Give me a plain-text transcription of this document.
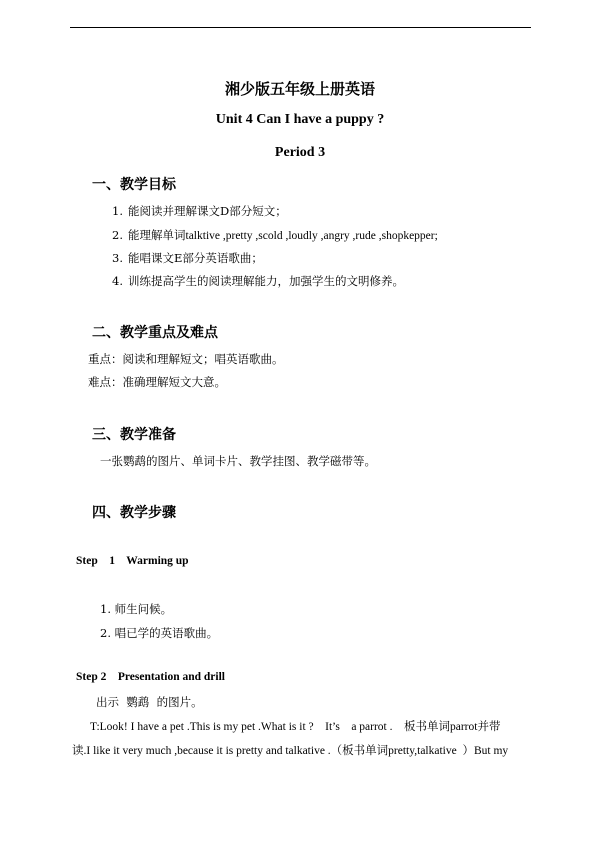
湘少版五年级上册英语
Unit 4 Can I have a puppy ?
Period 3
一、教学目标
1. 能阅读并理解课文D部分短文；
2. 能理解单词talktive ,pretty ,scold ,loudly ,angry ,rude ,shopkepper;
3. 能唱课文E部分英语歌曲；
4. 训练提高学生的阅读理解能力，加强学生的文明修养。
二、教学重点及难点
重点：阅读和理解短文；唱英语歌曲。
难点：准确理解短文大意。
三、教学准备
一张鹦鹉的图片、单词卡片、教学挂图、教学磁带等。
四、教学步骤
Step    1    Warming up
1. 师生问候。
2. 唱已学的英语歌曲。
Step 2    Presentation and drill
出示  鹦鹉  的图片。
T:Look! I have a pet .This is my pet .What is it ?    It’s    a parrot .    板书单词parrot并带
读.I like it very much ,because it is pretty and talkative .（板书单词pretty,talkative  ）But my
